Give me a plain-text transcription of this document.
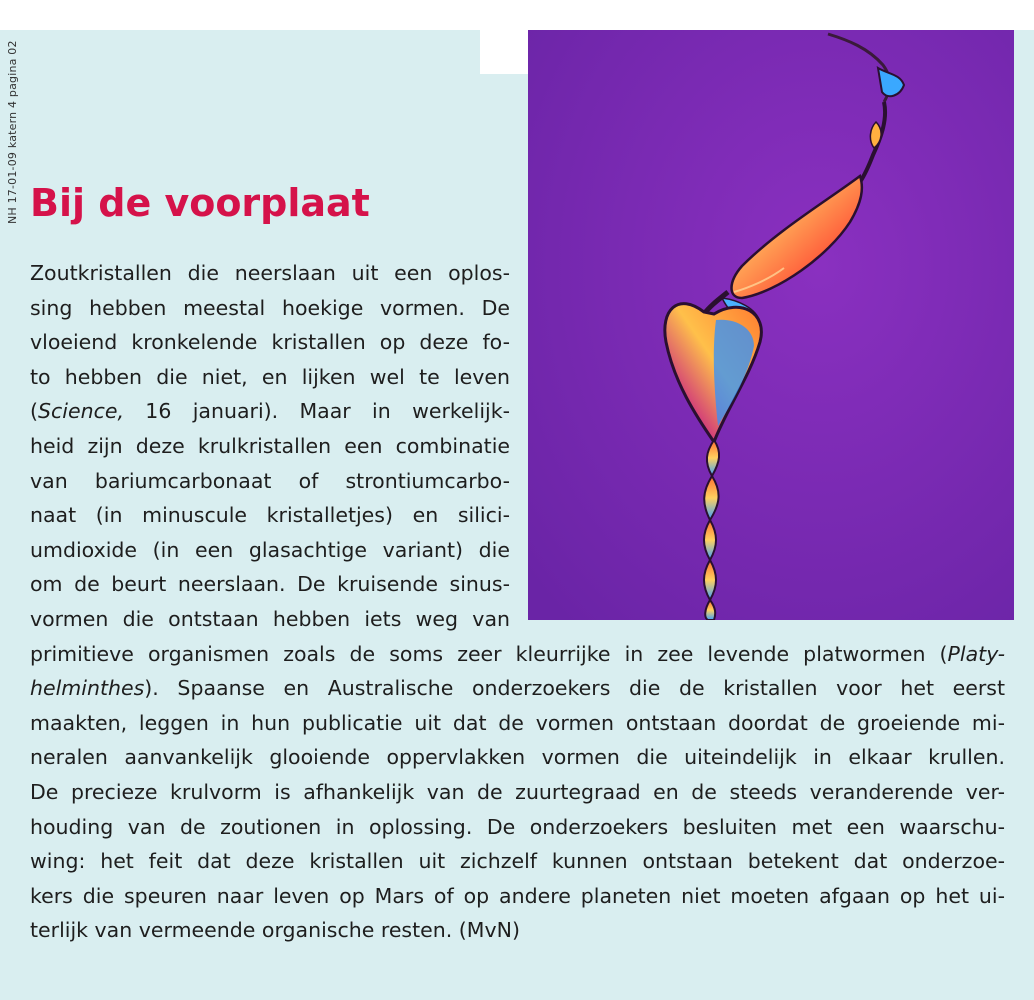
NH 17-01-09 katern 4 pagina 02 Bij de voorplaat
Zoutkristallen die neerslaan uit een oplos-
sing hebben meestal hoekige vormen. De
vloeiend kronkelende kristallen op deze fo-
to hebben die niet, en lijken wel te leven
(Science, 16 januari). Maar in werkelijk-
heid zijn deze krulkristallen een combinatie
van bariumcarbonaat of strontiumcarbo-
naat (in minuscule kristalletjes) en silici-
umdioxide (in een glasachtige variant) die
om de beurt neerslaan. De kruisende sinus-
vormen die ontstaan hebben iets weg van
primitieve organismen zoals de soms zeer kleurrijke in zee levende platwormen (Platy-
helminthes). Spaanse en Australische onderzoekers die de kristallen voor het eerst
maakten, leggen in hun publicatie uit dat de vormen ontstaan doordat de groeiende mi-
neralen aanvankelijk glooiende oppervlakken vormen die uiteindelijk in elkaar krullen.
De precieze krulvorm is afhankelijk van de zuurtegraad en de steeds veranderende ver-
houding van de zoutionen in oplossing. De onderzoekers besluiten met een waarschu-
wing: het feit dat deze kristallen uit zichzelf kunnen ontstaan betekent dat onderzoe-
kers die speuren naar leven op Mars of op andere planeten niet moeten afgaan op het ui-
terlijk van vermeende organische resten. (MvN)
